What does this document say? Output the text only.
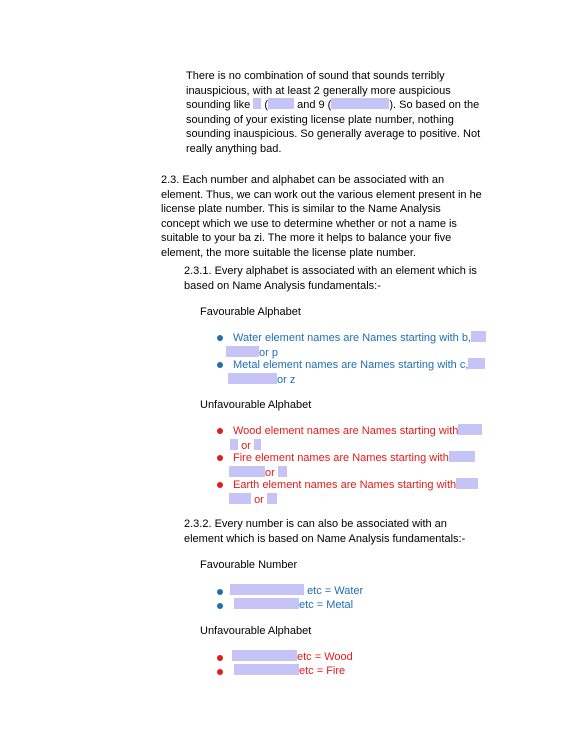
There is no combination of sound that sounds terribly
inauspicious, with at least 2 generally more auspicious
sounding like (	and 9 (	). So based on the
sounding of your existing license plate number, nothing
sounding inauspicious. So generally average to positive. Not
really anything bad.
2.3. Each number and alphabet can be associated with an
element. Thus, we can work out the various element present in he
license plate number. This is similar to the Name Analysis
concept which we use to determine whether or not a name is
suitable to your ba zi. The more it helps to balance your five
element, the more suitable the license plate number.
2.3.1. Every alphabet is associated with an element which is
based on Name Analysis fundamentals:-
Favourable Alphabet
Water element names are Names starting with b,
or p
Metal element names are Names starting with c,
or z
Unfavourable Alphabet
Wood element names are Names starting with
or
Fire element names are Names starting with
or
Earth element names are Names starting with
or
2.3.2. Every number is can also be associated with an
element which is based on Name Analysis fundamentals:-
Favourable Number
etc = Water
etc = Metal
Unfavourable Alphabet
etc = Wood
etc = Fire
